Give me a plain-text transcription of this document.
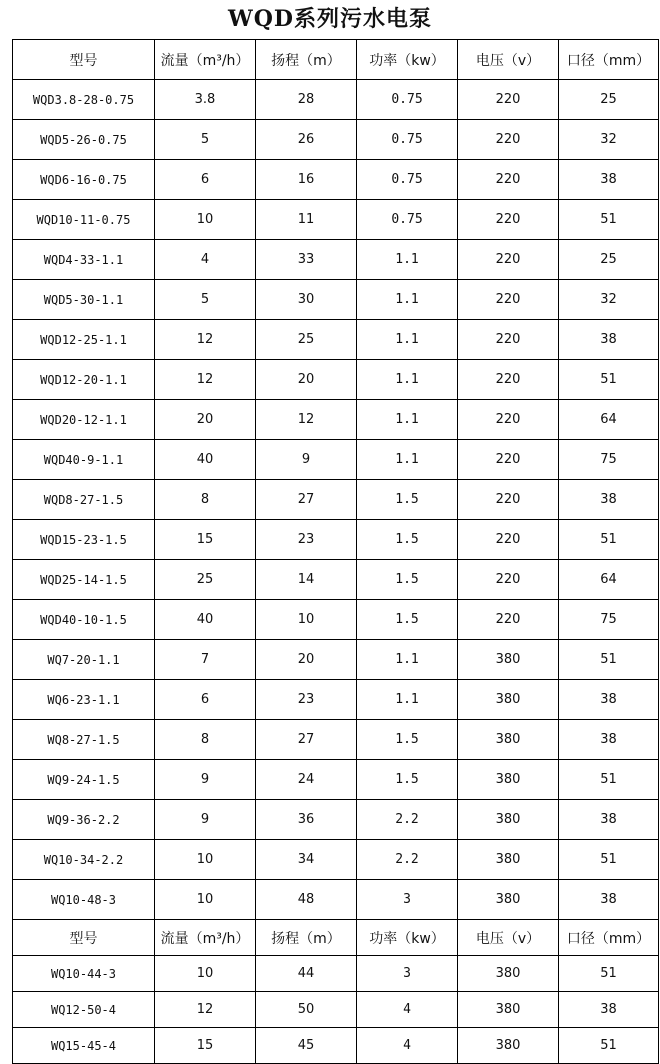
WQD系列污水电泵
型号	流量（m³/h）	扬程（m）	功率（kw）	电压（v）	口径（mm）
WQD3.8-28-0.75	3.8	28	0.75	220	25
WQD5-26-0.75	5	26	0.75	220	32
WQD6-16-0.75	6	16	0.75	220	38
WQD10-11-0.75	10	11	0.75	220	51
WQD4-33-1.1	4	33	1.1	220	25
WQD5-30-1.1	5	30	1.1	220	32
WQD12-25-1.1	12	25	1.1	220	38
WQD12-20-1.1	12	20	1.1	220	51
WQD20-12-1.1	20	12	1.1	220	64
WQD40-9-1.1	40	9	1.1	220	75
WQD8-27-1.5	8	27	1.5	220	38
WQD15-23-1.5	15	23	1.5	220	51
WQD25-14-1.5	25	14	1.5	220	64
WQD40-10-1.5	40	10	1.5	220	75
WQ7-20-1.1	7	20	1.1	380	51
WQ6-23-1.1	6	23	1.1	380	38
WQ8-27-1.5	8	27	1.5	380	38
WQ9-24-1.5	9	24	1.5	380	51
WQ9-36-2.2	9	36	2.2	380	38
WQ10-34-2.2	10	34	2.2	380	51
WQ10-48-3	10	48	3	380	38
型号	流量（m³/h）	扬程（m）	功率（kw）	电压（v）	口径（mm）
WQ10-44-3	10	44	3	380	51
WQ12-50-4	12	50	4	380	38
WQ15-45-4	15	45	4	380	51
